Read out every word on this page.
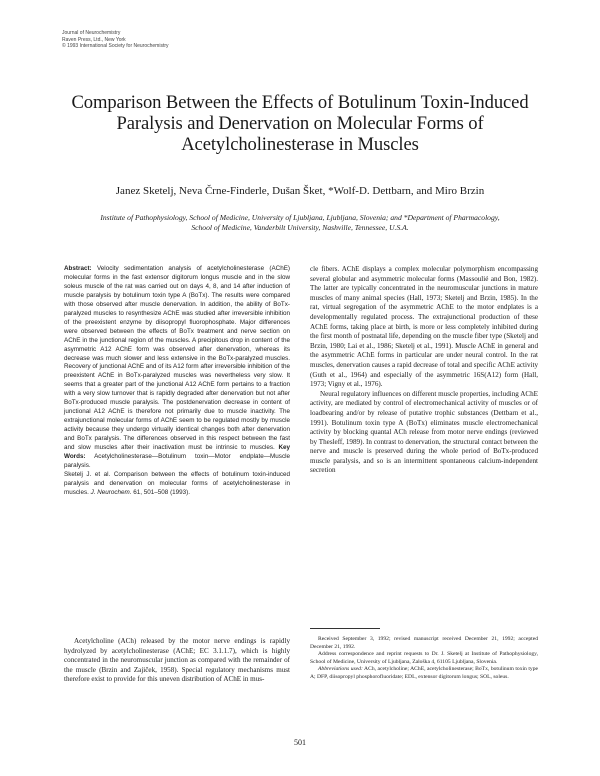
Journal of Neurochemistry
Raven Press, Ltd., New York
© 1993 International Society for Neurochemistry
Comparison Between the Effects of Botulinum Toxin-Induced Paralysis and Denervation on Molecular Forms of Acetylcholinesterase in Muscles

Janez Sketelj, Neva Črne-Finderle, Dušan Šket, *Wolf-D. Dettbarn, and Miro Brzin

Institute of Pathophysiology, School of Medicine, University of Ljubljana, Ljubljana, Slovenia; and *Department of Pharmacology, School of Medicine, Vanderbilt University, Nashville, Tennessee, U.S.A.

Abstract: Velocity sedimentation analysis of acetylcholinesterase (AChE) molecular forms in the fast extensor digitorum longus muscle and in the slow soleus muscle of the rat was carried out on days 4, 8, and 14 after induction of muscle paralysis by botulinum toxin type A (BoTx). The results were compared with those observed after muscle denervation. In addition, the ability of BoTx-paralyzed muscles to resynthesize AChE was studied after irreversible inhibition of the preexistent enzyme by diisopropyl fluorophosphate. Major differences were observed between the effects of BoTx treatment and nerve section on AChE in the junctional region of the muscles. A precipitous drop in content of the asymmetric A12 AChE form was observed after denervation, whereas its decrease was much slower and less extensive in the BoTx-paralyzed muscles. Recovery of junctional AChE and of its A12 form after irreversible inhibition of the preexistent AChE in BoTx-paralyzed muscles was nevertheless very slow. It seems that a greater part of the junctional A12 AChE form pertains to a fraction with a very slow turnover that is rapidly degraded after denervation but not after BoTx-produced muscle paralysis. The postdenervation decrease in content of junctional A12 AChE is therefore not primarily due to muscle inactivity. The extrajunctional molecular forms of AChE seem to be regulated mostly by muscle activity because they undergo virtually identical changes both after denervation and BoTx paralysis. The differences observed in this respect between the fast and slow muscles after their inactivation must be intrinsic to muscles. Key Words: Acetylcholinesterase—Botulinum toxin—Motor endplate—Muscle paralysis.
Sketelj J. et al. Comparison between the effects of botulinum toxin-induced paralysis and denervation on molecular forms of acetylcholinesterase in muscles. J. Neurochem. 61, 501–508 (1993).

Acetylcholine (ACh) released by the motor nerve endings is rapidly hydrolyzed by acetylcholinesterase (AChE; EC 3.1.1.7), which is highly concentrated in the neuromuscular junction as compared with the remainder of the muscle (Brzin and Zajiček, 1958). Special regulatory mechanisms must therefore exist to provide for this uneven distribution of AChE in mus-

cle fibers. AChE displays a complex molecular polymorphism encompassing several globular and asymmetric molecular forms (Massoulié and Bon, 1982). The latter are typically concentrated in the neuromuscular junctions in mature muscles of many animal species (Hall, 1973; Sketelj and Brzin, 1985). In the rat, virtual segregation of the asymmetric AChE to the motor endplates is a developmentally regulated process. The extrajunctional production of these AChE forms, taking place at birth, is more or less completely inhibited during the first month of postnatal life, depending on the muscle fiber type (Sketelj and Brzin, 1980; Lai et al., 1986; Sketelj et al., 1991). Muscle AChE in general and the asymmetric AChE forms in particular are under neural control. In the rat muscles, denervation causes a rapid decrease of total and specific AChE activity (Guth et al., 1964) and especially of the asymmetric 16S(A12) form (Hall, 1973; Vigny et al., 1976).

Neural regulatory influences on different muscle properties, including AChE activity, are mediated by control of electromechanical activity of muscles or of loadbearing and/or by release of putative trophic substances (Dettbarn et al., 1991). Botulinum toxin type A (BoTx) eliminates muscle electromechanical activity by blocking quantal ACh release from motor nerve endings (reviewed by Thesleff, 1989). In contrast to denervation, the structural contact between the nerve and muscle is preserved during the whole period of BoTx-produced muscle paralysis, and so is an intermittent spontaneous calcium-independent secretion

Received September 3, 1992; revised manuscript received December 21, 1992; accepted December 21, 1992.

Address correspondence and reprint requests to Dr. J. Sketelj at Institute of Pathophysiology, School of Medicine, University of Ljubljana, Zaloška 4, 61105 Ljubljana, Slovenia.

Abbreviations used: ACh, acetylcholine; AChE, acetylcholinesterase; BoTx, botulinum toxin type A; DFP, diisopropyl phosphorofluoridate; EDL, extensor digitorum longus; SOL, soleus.

501
